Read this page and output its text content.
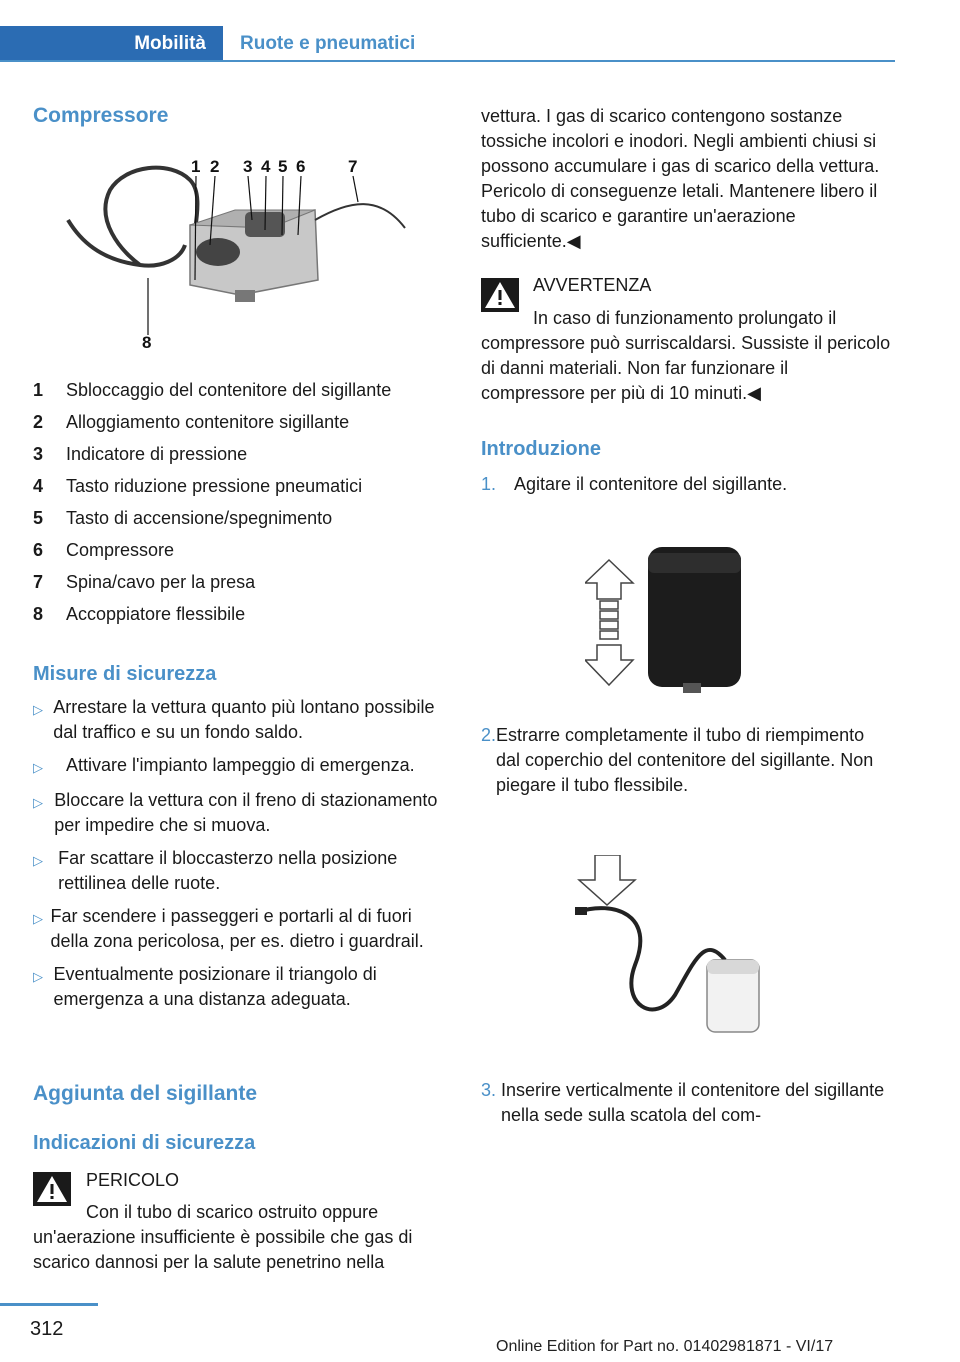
Mobilità	Ruote e pneumatici
Compressore
1 2 3 4 5 6	7
8
1	Sbloccaggio del contenitore del sigillante
2	Alloggiamento contenitore sigillante
3	Indicatore di pressione
4	Tasto riduzione pressione pneumatici
5	Tasto di accensione/spegnimento
6	Compressore
7	Spina/cavo per la presa
8	Accoppiatore flessibile
Misure di sicurezza
▷ Arrestare la vettura quanto più lontano possibile dal traffico e su un fondo saldo.
▷	Attivare l'impianto lampeggio di emergenza.
▷ Bloccare la vettura con il freno di stazionamento per impedire che si muova.
▷ Far scattare il bloccasterzo nella posizione rettilinea delle ruote.
▷ Far scendere i passeggeri e portarli al di fuori della zona pericolosa, per es. dietro i guardrail.
▷ Eventualmente posizionare il triangolo di emergenza a una distanza adeguata.
Aggiunta del sigillante
Indicazioni di sicurezza
PERICOLO
Con il tubo di scarico ostruito oppure un'aerazione insufficiente è possibile che gas di scarico dannosi per la salute penetrino nella
vettura. I gas di scarico contengono sostanze tossiche incolori e inodori. Negli ambienti chiusi si possono accumulare i gas di scarico della vettura. Pericolo di conseguenze letali. Mantenere libero il tubo di scarico e garantire un'aerazione sufficiente.◀
AVVERTENZA
In caso di funzionamento prolungato il compressore può surriscaldarsi. Sussiste il pericolo di danni materiali. Non far funzionare il compressore per più di 10 minuti.◀
Introduzione
1. Agitare il contenitore del sigillante.
2. Estrarre completamente il tubo di riempimento dal coperchio del contenitore del sigillante. Non piegare il tubo flessibile.
3. Inserire verticalmente il contenitore del sigillante nella sede sulla scatola del com-
312
Online Edition for Part no. 01402981871 - VI/17
